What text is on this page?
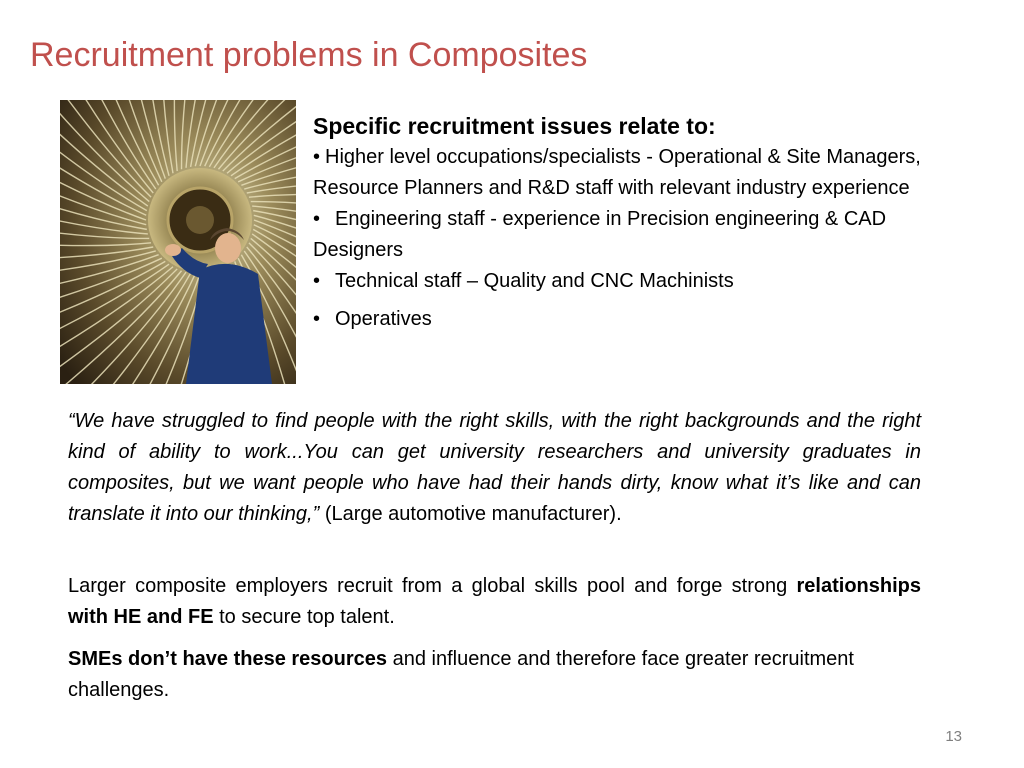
Recruitment problems in Composites
Specific recruitment issues relate to:
• Higher level occupations/specialists - Operational & Site Managers, Resource Planners and R&D staff with relevant industry experience
• Engineering staff - experience in Precision engineering & CAD Designers
• Technical staff – Quality and CNC Machinists
• Operatives
“We have struggled to find people with the right skills, with the right backgrounds and the right kind of ability to work...You can get university researchers and university graduates in composites, but we want people who have had their hands dirty, know what it’s like and can translate it into our thinking,” (Large automotive manufacturer).
Larger composite employers recruit from a global skills pool and forge strong relationships with HE and FE to secure top talent.
SMEs don’t have these resources and influence and therefore face greater recruitment challenges.
13
